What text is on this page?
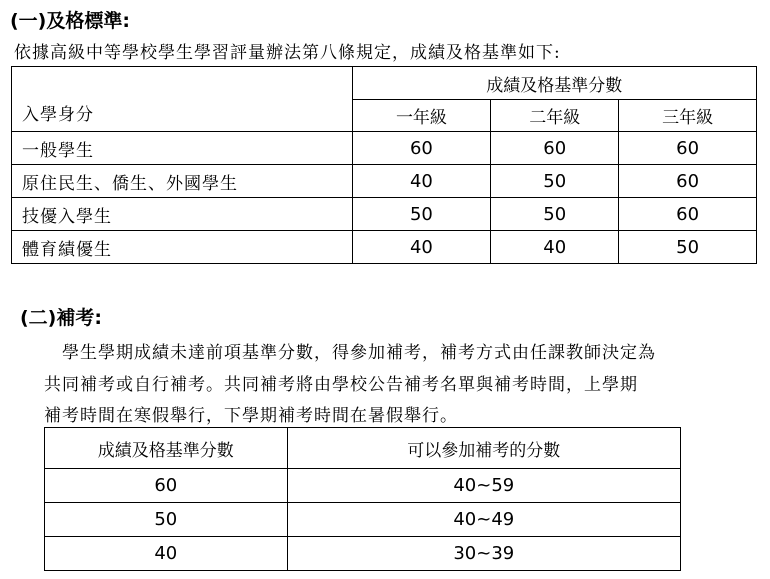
(一)及格標準:
依據高級中等學校學生學習評量辦法第八條規定，成績及格基準如下:
入學身分	成績及格基準分數		
	一年級	二年級	三年級
一般學生	60	60	60
原住民生、僑生、外國學生	40	50	60
技優入學生	50	50	60
體育績優生	40	40	50
(二)補考:
學生學期成績未達前項基準分數，得參加補考，補考方式由任課教師決定為
共同補考或自行補考。共同補考將由學校公告補考名單與補考時間，上學期
補考時間在寒假舉行，下學期補考時間在暑假舉行。
成績及格基準分數	可以參加補考的分數
60	40~59
50	40~49
40	30~39
